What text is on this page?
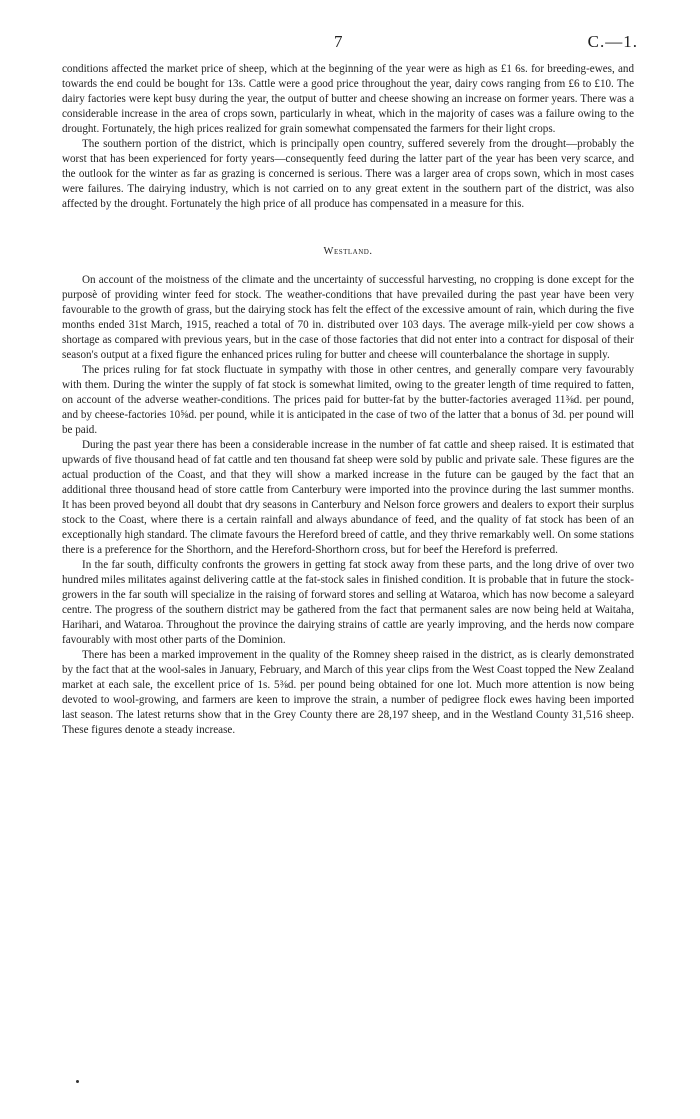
7	C.—1.

conditions affected the market price of sheep, which at the beginning of the year were as high as £1 6s. for breeding-ewes, and towards the end could be bought for 13s. Cattle were a good price throughout the year, dairy cows ranging from £6 to £10. The dairy factories were kept busy during the year, the output of butter and cheese showing an increase on former years. There was a considerable increase in the area of crops sown, particularly in wheat, which in the majority of cases was a failure owing to the drought. Fortunately, the high prices realized for grain somewhat compensated the farmers for their light crops.

The southern portion of the district, which is principally open country, suffered severely from the drought—probably the worst that has been experienced for forty years—consequently feed during the latter part of the year has been very scarce, and the outlook for the winter as far as grazing is concerned is serious. There was a larger area of crops sown, which in most cases were failures. The dairying industry, which is not carried on to any great extent in the southern part of the district, was also affected by the drought. Fortunately the high price of all produce has compensated in a measure for this.

Westland.

On account of the moistness of the climate and the uncertainty of successful harvesting, no cropping is done except for the purposè of providing winter feed for stock. The weather-conditions that have prevailed during the past year have been very favourable to the growth of grass, but the dairying stock has felt the effect of the excessive amount of rain, which during the five months ended 31st March, 1915, reached a total of 70 in. distributed over 103 days. The average milk-yield per cow shows a shortage as compared with previous years, but in the case of those factories that did not enter into a contract for disposal of their season's output at a fixed figure the enhanced prices ruling for butter and cheese will counterbalance the shortage in supply.

The prices ruling for fat stock fluctuate in sympathy with those in other centres, and generally compare very favourably with them. During the winter the supply of fat stock is somewhat limited, owing to the greater length of time required to fatten, on account of the adverse weather-conditions. The prices paid for butter-fat by the butter-factories averaged 11⅜d. per pound, and by cheese-factories 10⅝d. per pound, while it is anticipated in the case of two of the latter that a bonus of 3d. per pound will be paid.

During the past year there has been a considerable increase in the number of fat cattle and sheep raised. It is estimated that upwards of five thousand head of fat cattle and ten thousand fat sheep were sold by public and private sale. These figures are the actual production of the Coast, and that they will show a marked increase in the future can be gauged by the fact that an additional three thousand head of store cattle from Canterbury were imported into the province during the last summer months. It has been proved beyond all doubt that dry seasons in Canterbury and Nelson force growers and dealers to export their surplus stock to the Coast, where there is a certain rainfall and always abundance of feed, and the quality of fat stock has been of an exceptionally high standard. The climate favours the Hereford breed of cattle, and they thrive remarkably well. On some stations there is a preference for the Shorthorn, and the Hereford-Shorthorn cross, but for beef the Hereford is preferred.

In the far south, difficulty confronts the growers in getting fat stock away from these parts, and the long drive of over two hundred miles militates against delivering cattle at the fat-stock sales in finished condition. It is probable that in future the stock-growers in the far south will specialize in the raising of forward stores and selling at Wataroa, which has now become a saleyard centre. The progress of the southern district may be gathered from the fact that permanent sales are now being held at Waitaha, Harihari, and Wataroa. Throughout the province the dairying strains of cattle are yearly improving, and the herds now compare favourably with most other parts of the Dominion.

There has been a marked improvement in the quality of the Romney sheep raised in the district, as is clearly demonstrated by the fact that at the wool-sales in January, February, and March of this year clips from the West Coast topped the New Zealand market at each sale, the excellent price of 1s. 5⅜d. per pound being obtained for one lot. Much more attention is now being devoted to wool-growing, and farmers are keen to improve the strain, a number of pedigree flock ewes having been imported last season. The latest returns show that in the Grey County there are 28,197 sheep, and in the Westland County 31,516 sheep. These figures denote a steady increase.
